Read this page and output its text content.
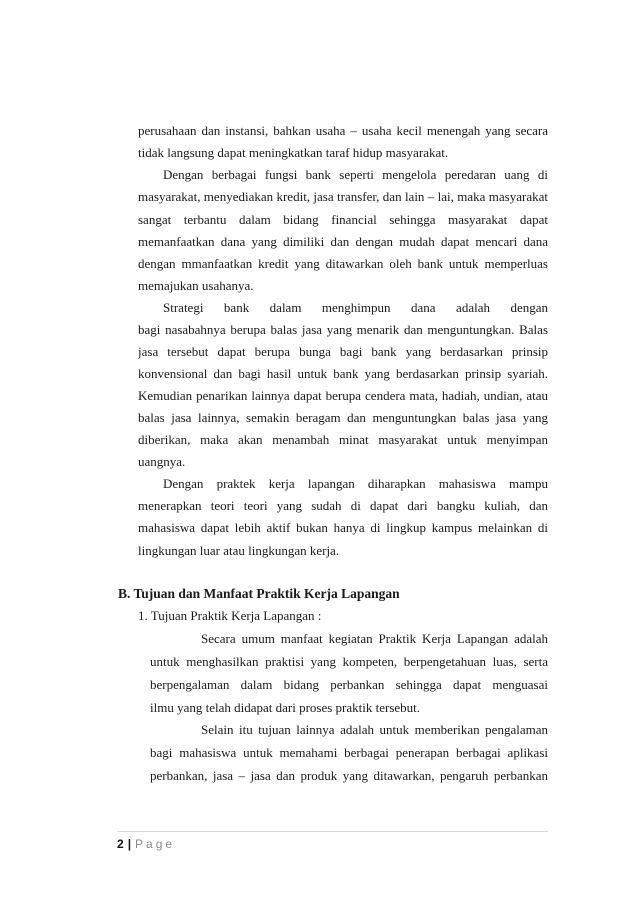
perusahaan dan instansi, bahkan usaha – usaha kecil menengah yang secara
tidak langsung dapat meningkatkan taraf hidup masyarakat.
Dengan berbagai fungsi bank seperti mengelola peredaran uang di
masyarakat, menyediakan kredit, jasa transfer, dan lain – lai, maka masyarakat
sangat terbantu dalam bidang financial sehingga masyarakat dapat
memanfaatkan dana yang dimiliki dan dengan mudah dapat mencari dana
dengan mmanfaatkan kredit yang ditawarkan oleh bank untuk memperluas
memajukan usahanya.
Strategi bank dalam menghimpun dana adalah dengan
bagi nasabahnya berupa balas jasa yang menarik dan menguntungkan. Balas
jasa tersebut dapat berupa bunga bagi bank yang berdasarkan prinsip
konvensional dan bagi hasil untuk bank yang berdasarkan prinsip syariah.
Kemudian penarikan lainnya dapat berupa cendera mata, hadiah, undian, atau
balas jasa lainnya, semakin beragam dan menguntungkan balas jasa yang
diberikan, maka akan menambah minat masyarakat untuk menyimpan
uangnya.
Dengan praktek kerja lapangan diharapkan mahasiswa mampu
menerapkan teori teori yang sudah di dapat dari bangku kuliah, dan
mahasiswa dapat lebih aktif bukan hanya di lingkup kampus melainkan di
lingkungan luar atau lingkungan kerja.
B. Tujuan dan Manfaat Praktik Kerja Lapangan
1. Tujuan Praktik Kerja Lapangan :
Secara umum manfaat kegiatan Praktik Kerja Lapangan adalah
untuk menghasilkan praktisi yang kompeten, berpengetahuan luas, serta
berpengalaman dalam bidang perbankan sehingga dapat menguasai
ilmu yang telah didapat dari proses praktik tersebut.
Selain itu tujuan lainnya adalah untuk memberikan pengalaman
bagi mahasiswa untuk memahami berbagai penerapan berbagai aplikasi
perbankan, jasa – jasa dan produk yang ditawarkan, pengaruh perbankan
2 | Page
